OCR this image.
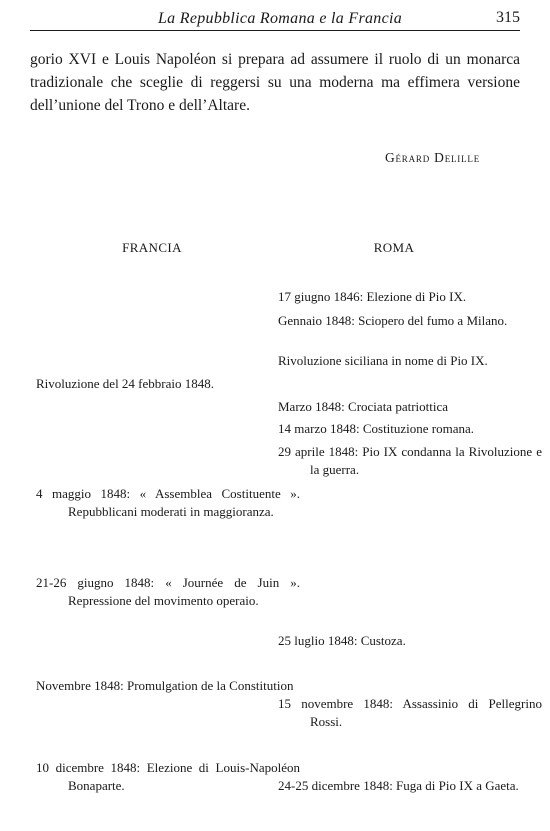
La Repubblica Romana e la Francia	315

gorio XVI e Louis Napoléon si prepara ad assumere il ruolo di un monarca tradizionale che sceglie di reggersi su una moderna ma effimera versione dell’unione del Trono e dell’Altare.

Gérard Delille
FRANCIA	ROMA
17 giugno 1846: Elezione di Pio IX.
Gennaio 1848: Sciopero del fumo a Milano.
Rivoluzione siciliana in nome di Pio IX.
Marzo 1848: Crociata patriottica
14 marzo 1848: Costituzione romana.
29 aprile 1848: Pio IX condanna la Rivoluzione e la guerra.
25 luglio 1848: Custoza.
15 novembre 1848: Assassinio di Pellegrino Rossi.
24-25 dicembre 1848: Fuga di Pio IX a Gaeta.
Rivoluzione del 24 febbraio 1848.
4 maggio 1848: « Assemblea Costituente ». Repubblicani moderati in maggioranza.
21-26 giugno 1848: « Journée de Juin ». Repressione del movimento operaio.
Novembre 1848: Promulgation de la Constitution
10 dicembre 1848: Elezione di Louis-Napoléon Bonaparte.
